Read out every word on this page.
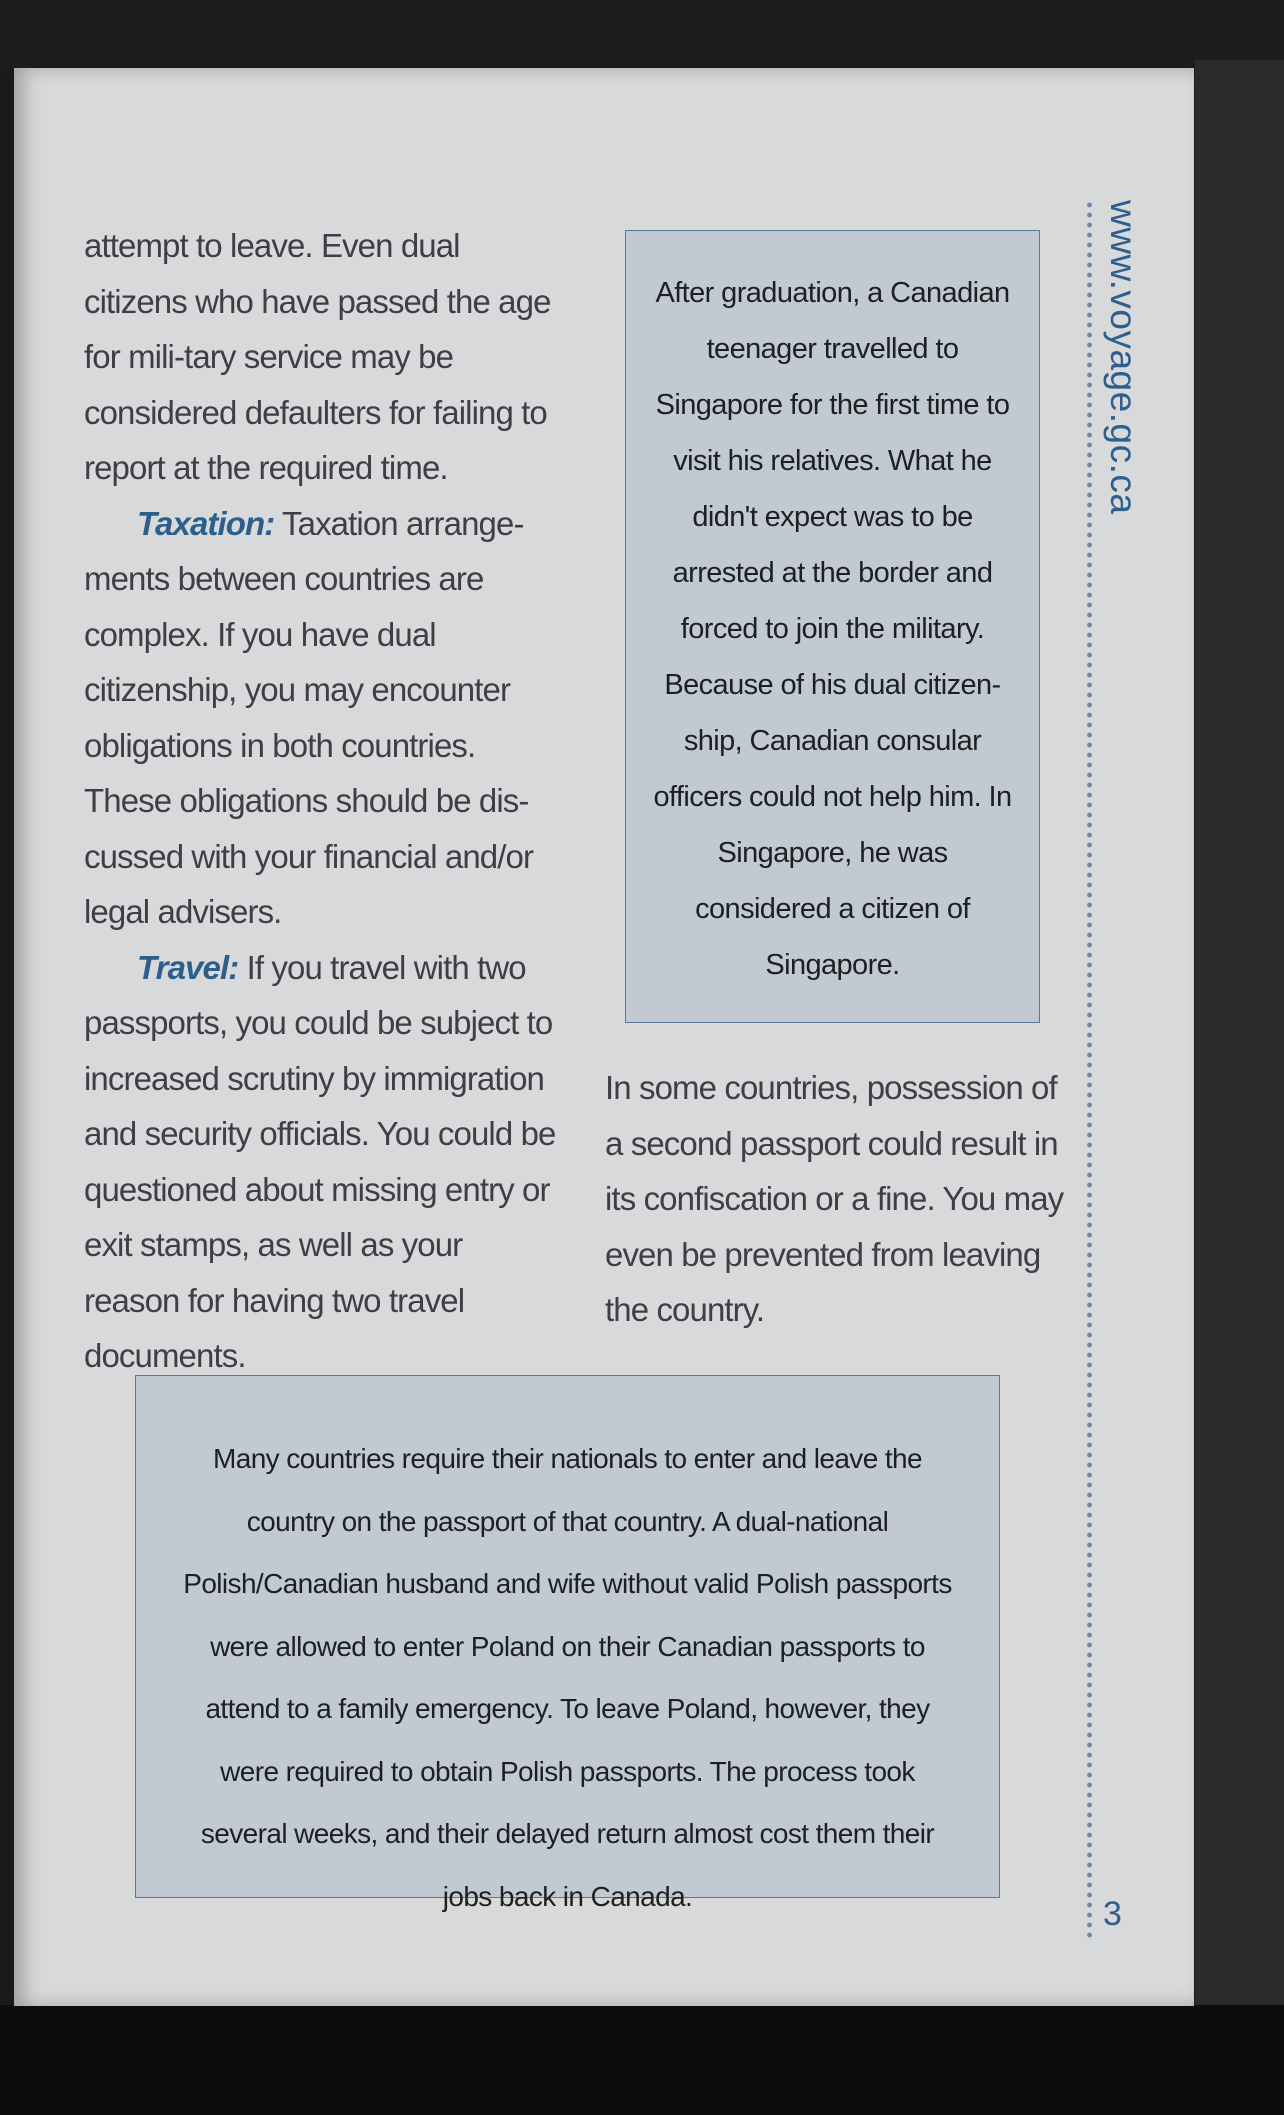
attempt to leave. Even dual citizens who have passed the age for mili-tary service may be considered defaulters for failing to report at the required time.

Taxation: Taxation arrange-ments between countries are complex. If you have dual citizenship, you may encounter obligations in both countries. These obligations should be dis-cussed with your financial and/or legal advisers.

Travel: If you travel with two passports, you could be subject to increased scrutiny by immigration and security officials. You could be questioned about missing entry or exit stamps, as well as your reason for having two travel documents.

After graduation, a Canadian teenager travelled to Singapore for the first time to visit his relatives. What he didn't expect was to be arrested at the border and forced to join the military. Because of his dual citizen-ship, Canadian consular officers could not help him. In Singapore, he was considered a citizen of Singapore.

In some countries, possession of a second passport could result in its confiscation or a fine. You may even be prevented from leaving the country.

Many countries require their nationals to enter and leave the country on the passport of that country. A dual-national Polish/Canadian husband and wife without valid Polish passports were allowed to enter Poland on their Canadian passports to attend to a family emergency. To leave Poland, however, they were required to obtain Polish passports. The process took several weeks, and their delayed return almost cost them their jobs back in Canada.
www.voyage.gc.ca
3
